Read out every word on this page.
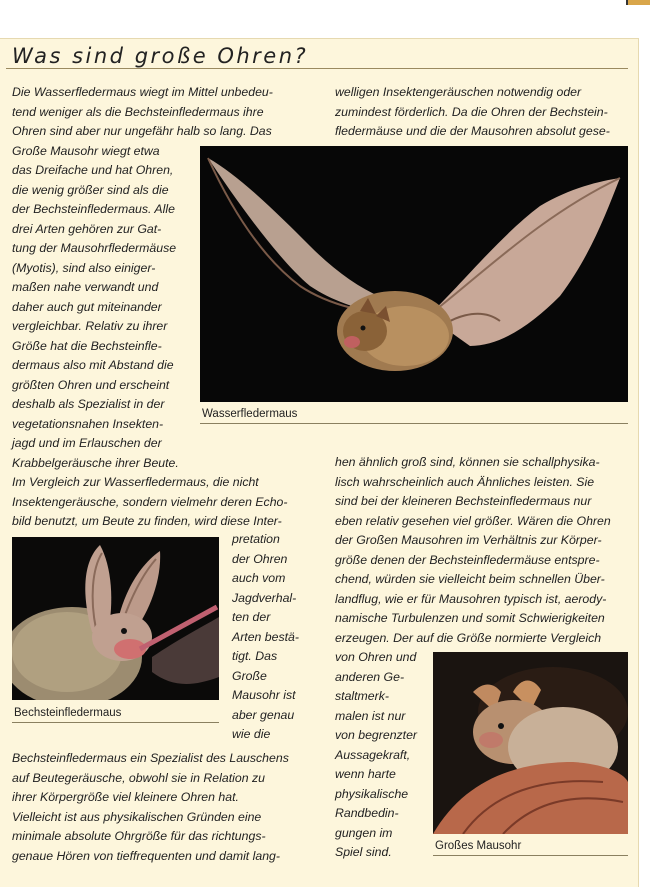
Was sind große Ohren?
Die Wasserfledermaus wiegt im Mittel unbedeu-
tend weniger als die Bechsteinfledermaus ihre
Ohren sind aber nur ungefähr halb so lang. Das
Große Mausohr wiegt etwa
das Dreifache und hat Ohren,
die wenig größer sind als die
der Bechsteinfledermaus. Alle
drei Arten gehören zur Gat-
tung der Mausohrfledermäuse
(Myotis), sind also einiger-
maßen nahe verwandt und
daher auch gut miteinander
vergleichbar. Relativ zu ihrer
Größe hat die Bechsteinfle-
dermaus also mit Abstand die
größten Ohren und erscheint
deshalb als Spezialist in der
vegetationsnahen Insekten-
jagd und im Erlauschen der
Krabbelgeräusche ihrer Beute.
Im Vergleich zur Wasserfledermaus, die nicht
Insektengeräusche, sondern vielmehr deren Echo-
bild benutzt, um Beute zu finden, wird diese Inter-
pretation
der Ohren
auch vom
Jagdverhal-
ten der
Arten bestä-
tigt. Das
Große
Mausohr ist
aber genau
wie die
Bechsteinfledermaus ein Spezialist des Lauschens
auf Beutegeräusche, obwohl sie in Relation zu
ihrer Körpergröße viel kleinere Ohren hat.
Vielleicht ist aus physikalischen Gründen eine
minimale absolute Ohrgröße für das richtungs-
genaue Hören von tieffrequenten und damit lang-
welligen Insektengeräuschen notwendig oder
zumindest förderlich. Da die Ohren der Bechstein-
fledermäuse und die der Mausohren absolut gese-
hen ähnlich groß sind, können sie schallphysika-
lisch wahrscheinlich auch Ähnliches leisten. Sie
sind bei der kleineren Bechsteinfledermaus nur
eben relativ gesehen viel größer. Wären die Ohren
der Großen Mausohren im Verhältnis zur Körper-
größe denen der Bechsteinfledermäuse entspre-
chend, würden sie vielleicht beim schnellen Über-
landflug, wie er für Mausohren typisch ist, aerody-
namische Turbulenzen und somit Schwierigkeiten
erzeugen. Der auf die Größe normierte Vergleich
von Ohren und
anderen Ge-
staltmerk-
malen ist nur
von begrenzter
Aussagekraft,
wenn harte
physikalische
Randbedin-
gungen im
Spiel sind.
Wasserfledermaus
Bechsteinfledermaus
Großes Mausohr
